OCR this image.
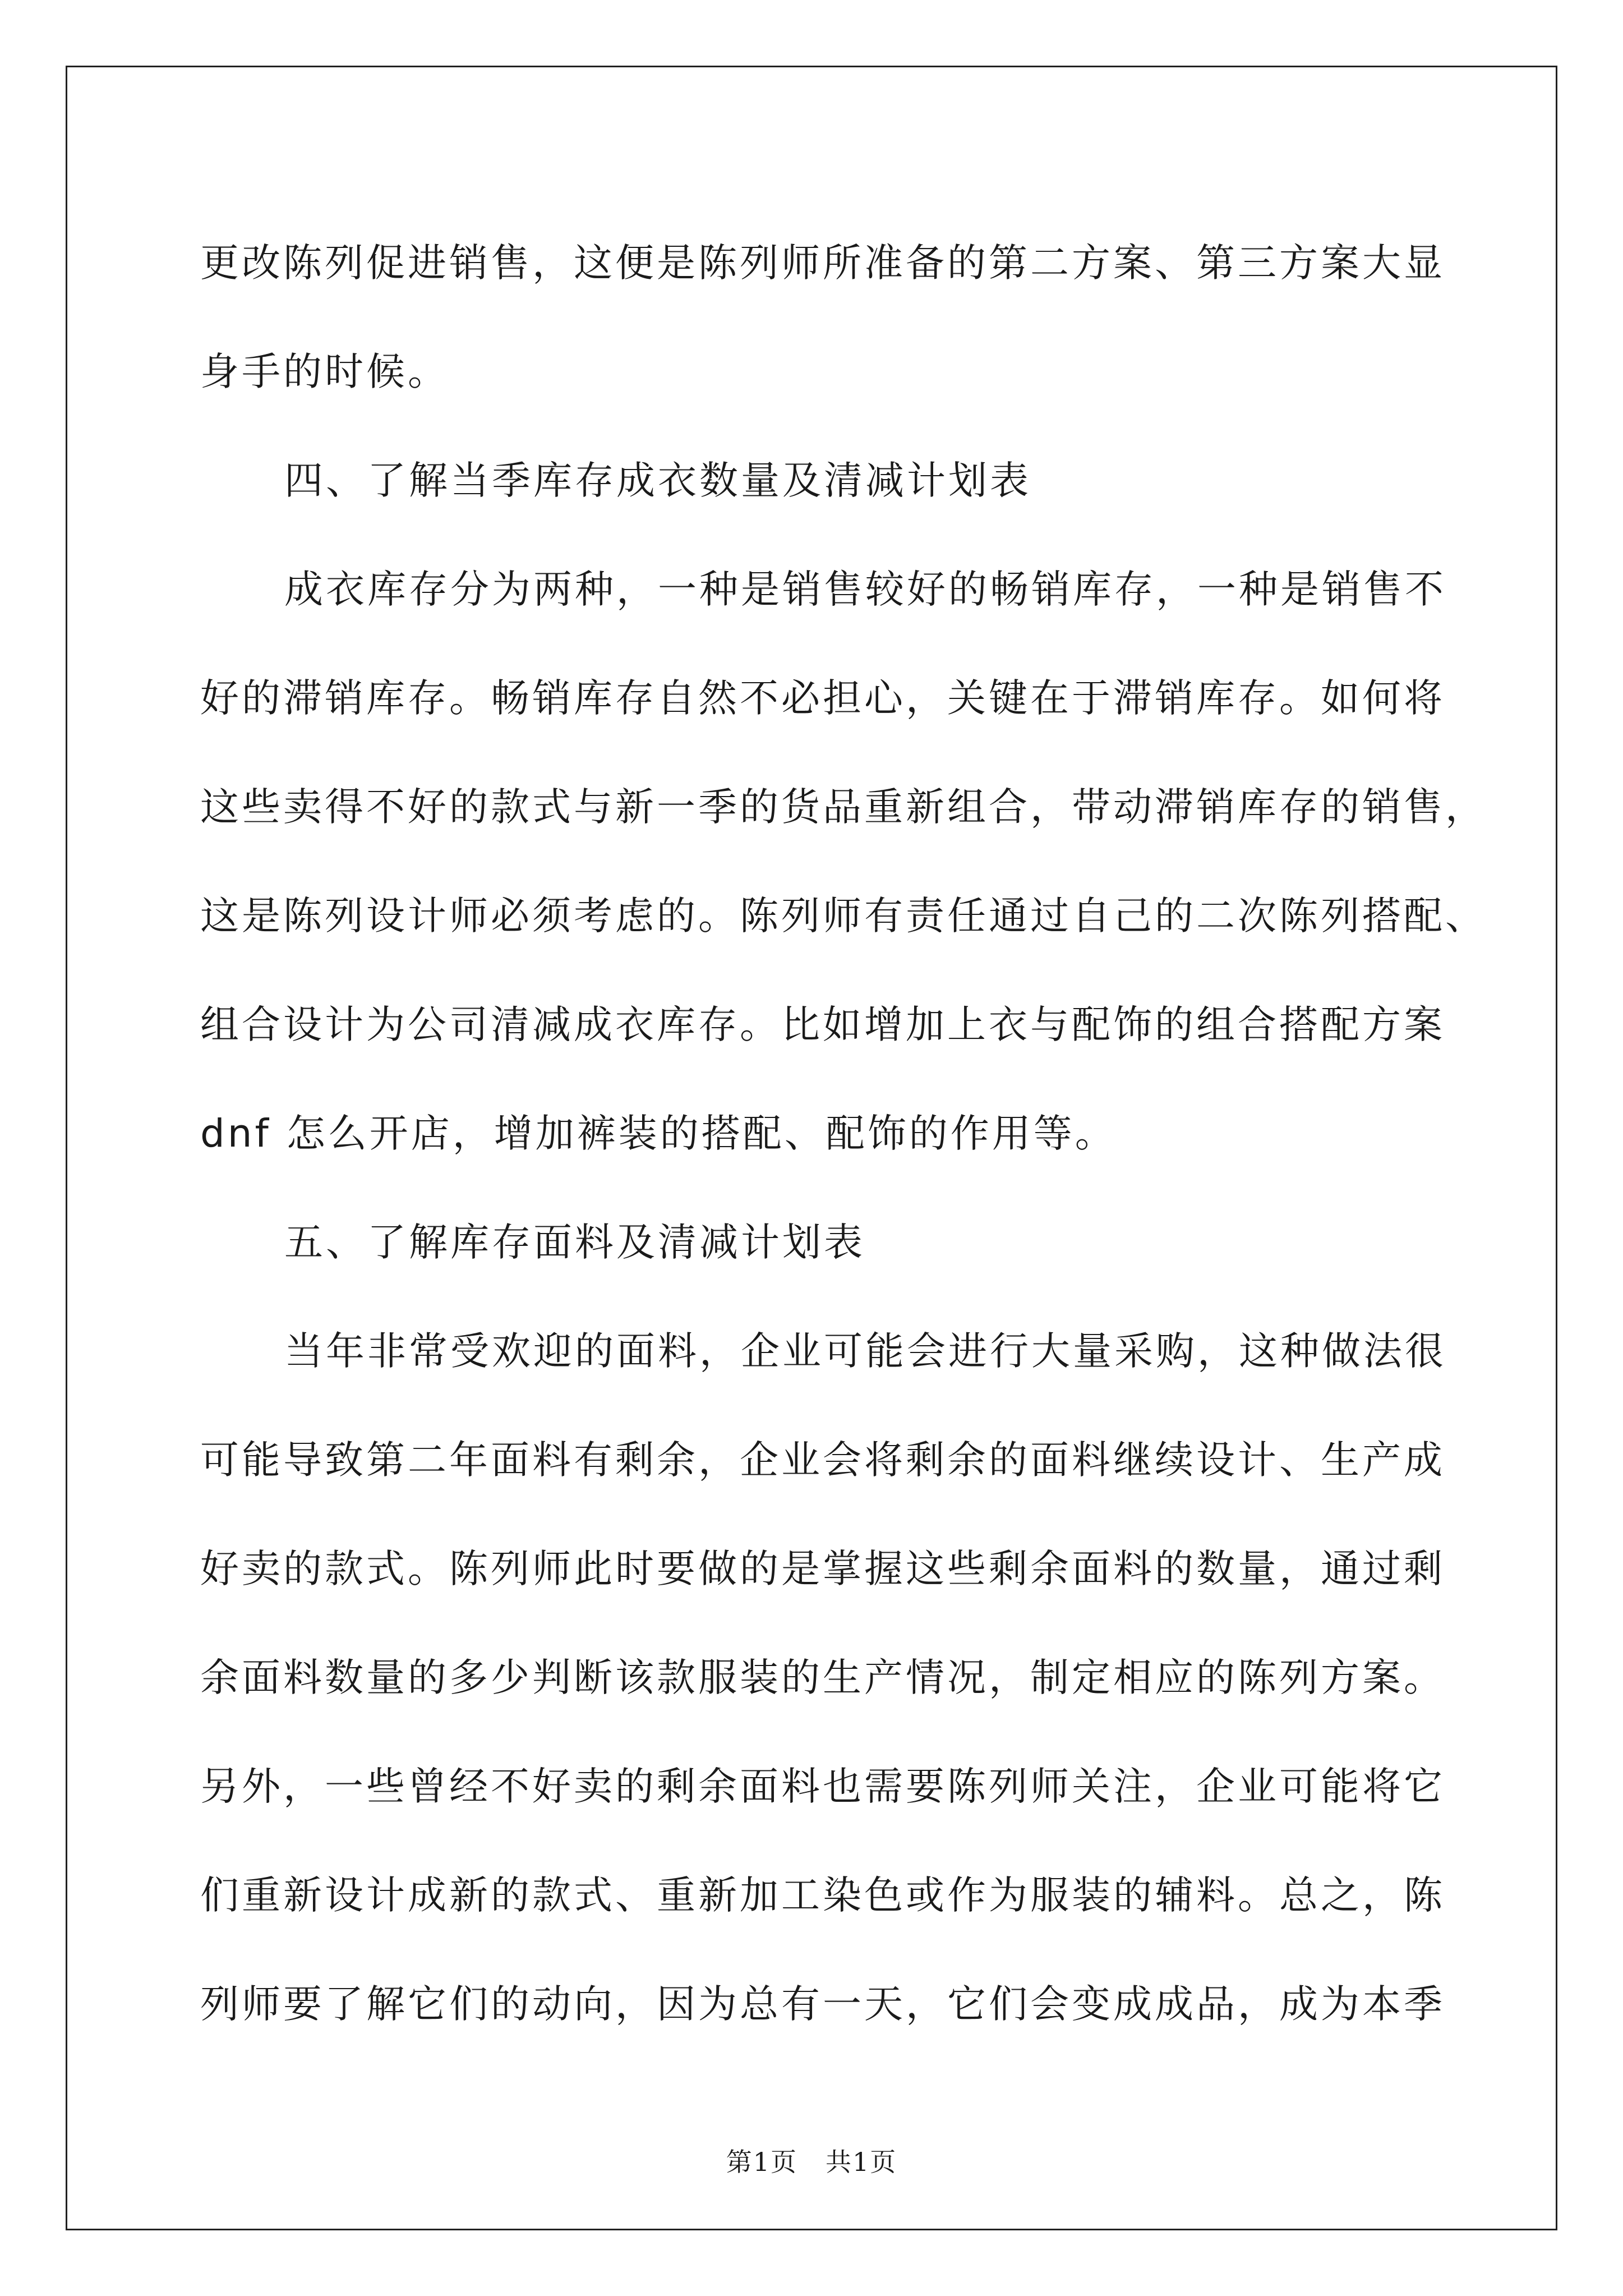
更改陈列促进销售，这便是陈列师所准备的第二方案、第三方案大显
身手的时候。
四、了解当季库存成衣数量及清减计划表
成衣库存分为两种，一种是销售较好的畅销库存，一种是销售不
好的滞销库存。畅销库存自然不必担心，关键在于滞销库存。如何将
这些卖得不好的款式与新一季的货品重新组合，带动滞销库存的销售，
这是陈列设计师必须考虑的。陈列师有责任通过自己的二次陈列搭配、
组合设计为公司清减成衣库存。比如增加上衣与配饰的组合搭配方案
dnf 怎么开店，增加裤装的搭配、配饰的作用等。
五、了解库存面料及清减计划表
当年非常受欢迎的面料，企业可能会进行大量采购，这种做法很
可能导致第二年面料有剩余，企业会将剩余的面料继续设计、生产成
好卖的款式。陈列师此时要做的是掌握这些剩余面料的数量，通过剩
余面料数量的多少判断该款服装的生产情况，制定相应的陈列方案。
另外，一些曾经不好卖的剩余面料也需要陈列师关注，企业可能将它
们重新设计成新的款式、重新加工染色或作为服装的辅料。总之，陈
列师要了解它们的动向，因为总有一天，它们会变成成品，成为本季
第1页 共1页
